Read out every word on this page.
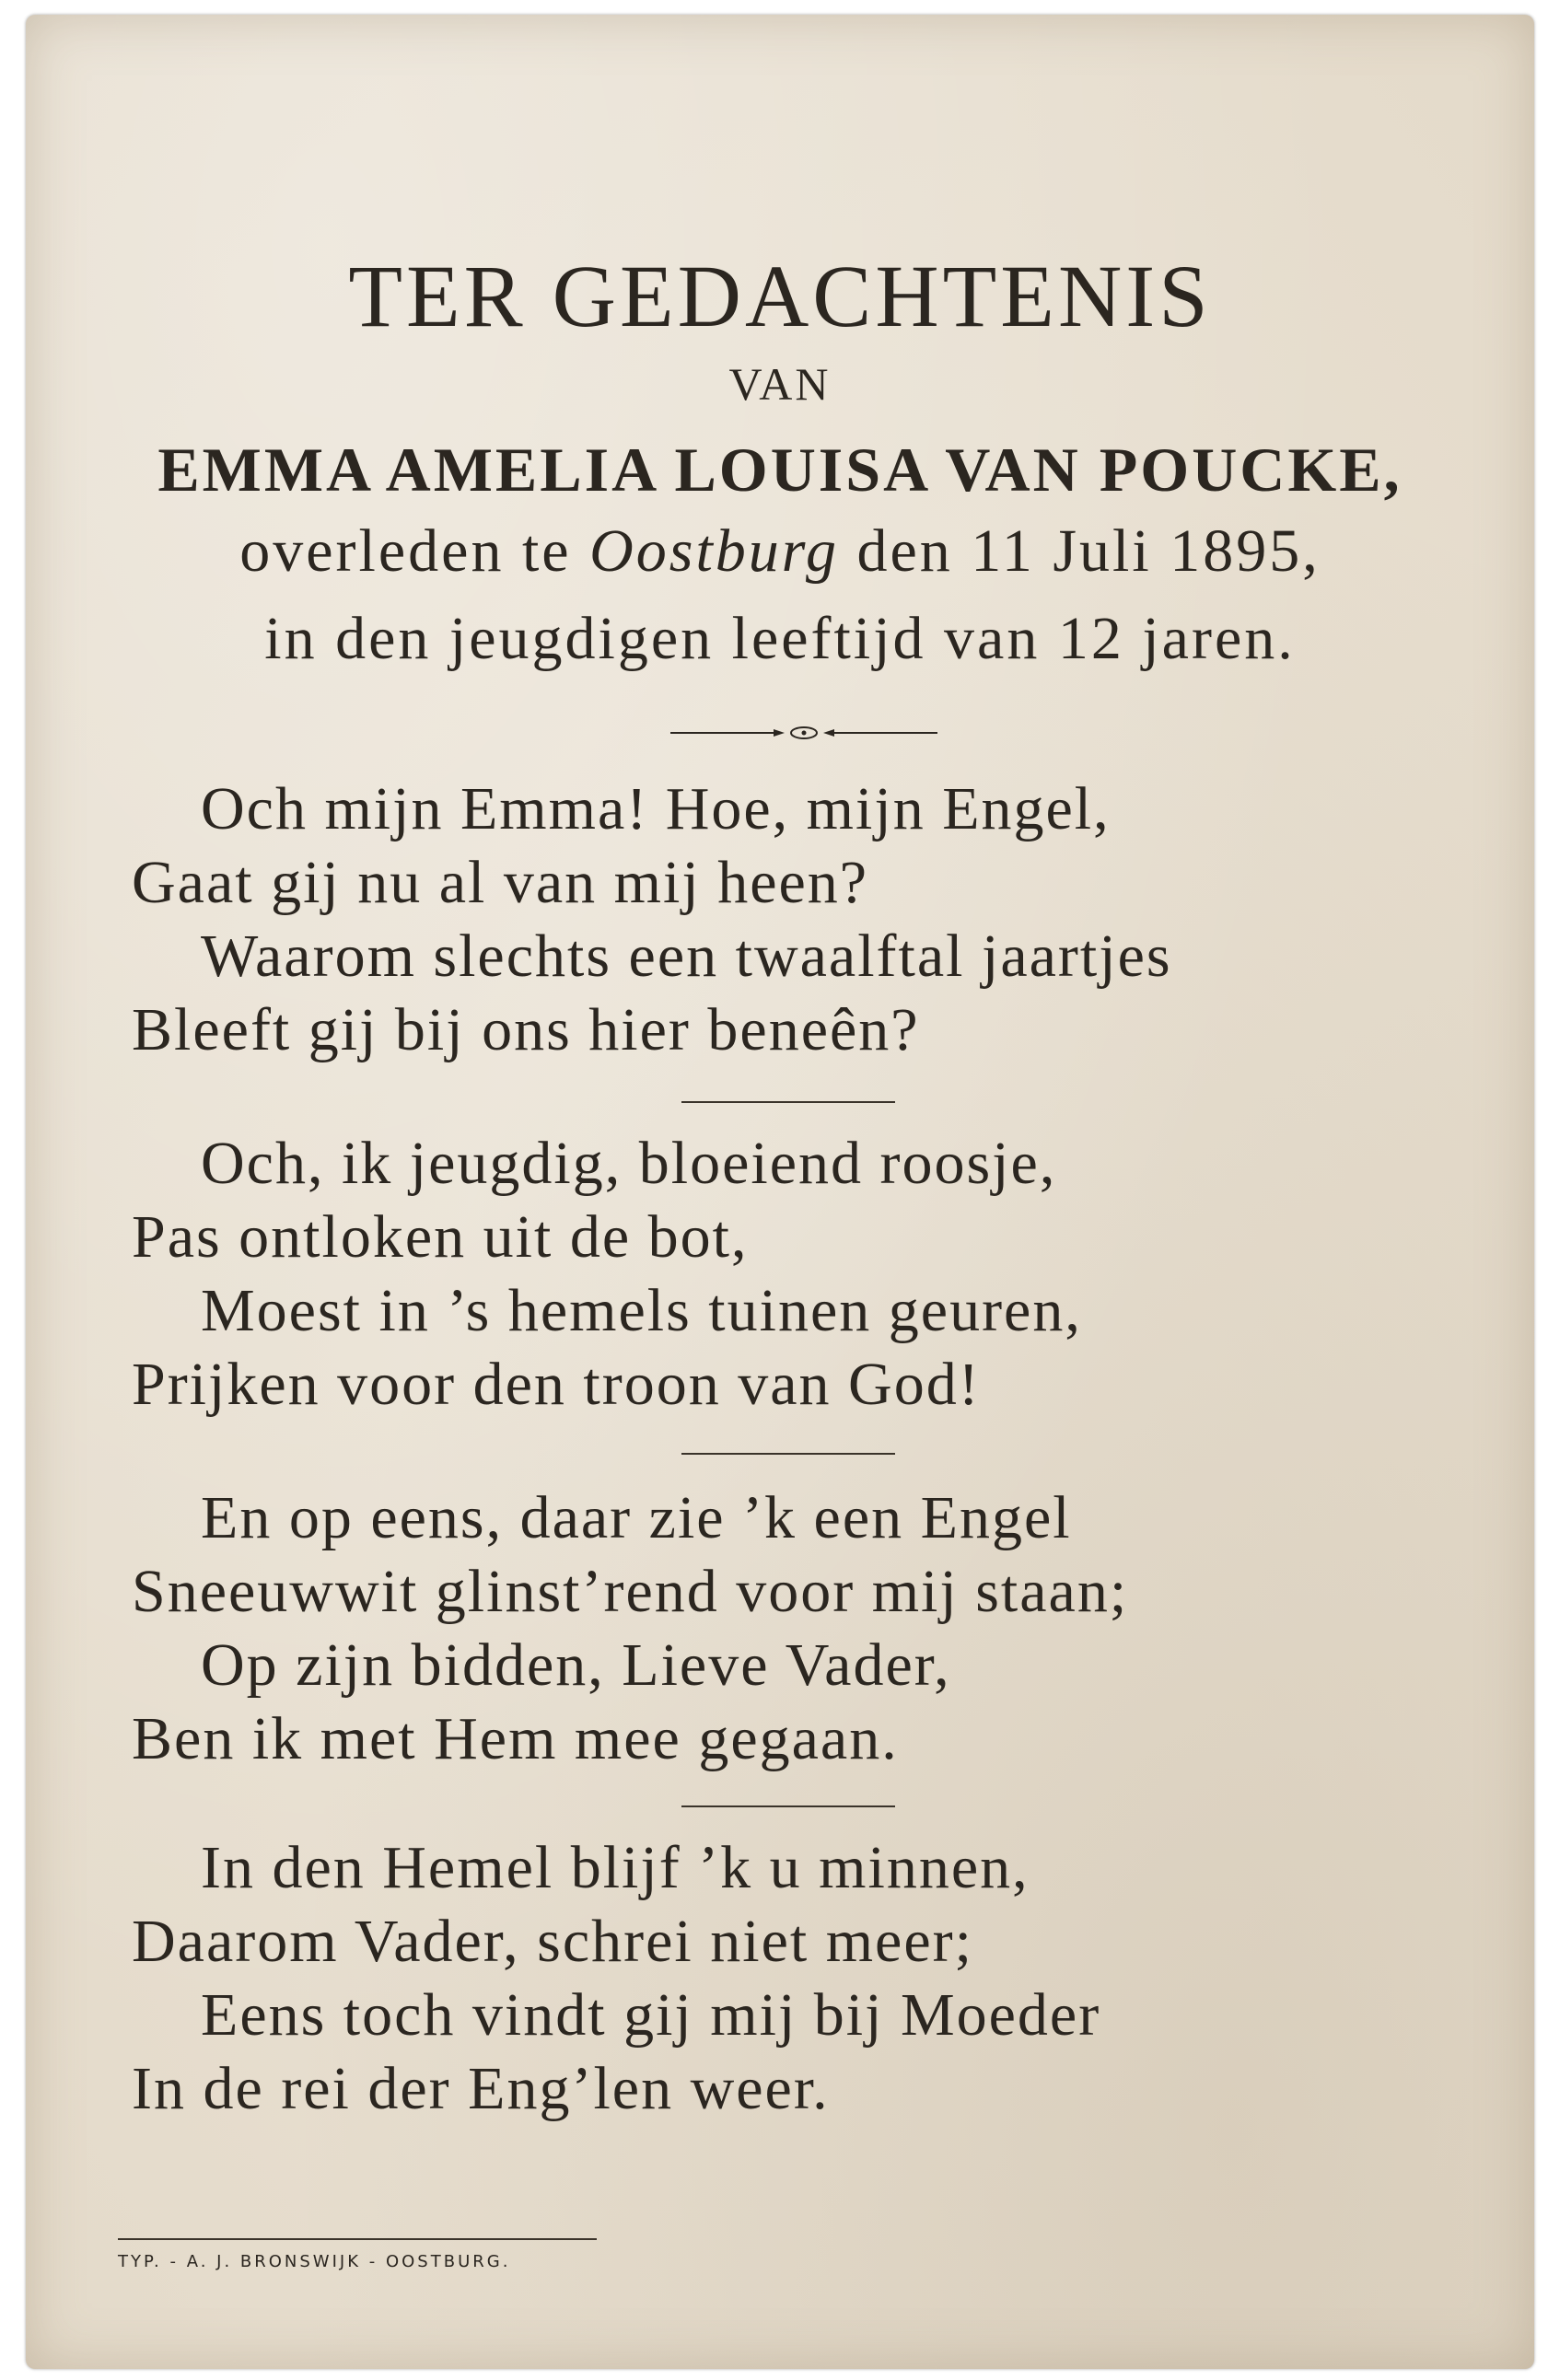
TER GEDACHTENIS
VAN
EMMA AMELIA LOUISA VAN POUCKE,
overleden te Oostburg den 11 Juli 1895,
in den jeugdigen leeftijd van 12 jaren.
Och mijn Emma! Hoe, mijn Engel,
Gaat gij nu al van mij heen?
Waarom slechts een twaalftal jaartjes
Bleeft gij bij ons hier beneên?
Och, ik jeugdig, bloeiend roosje,
Pas ontloken uit de bot,
Moest in ’s hemels tuinen geuren,
Prijken voor den troon van God!
En op eens, daar zie ’k een Engel
Sneeuwwit glinst’rend voor mij staan;
Op zijn bidden, Lieve Vader,
Ben ik met Hem mee gegaan.
In den Hemel blijf ’k u minnen,
Daarom Vader, schrei niet meer;
Eens toch vindt gij mij bij Moeder
In de rei der Eng’len weer.
TYP. - A. J. BRONSWIJK - OOSTBURG.
